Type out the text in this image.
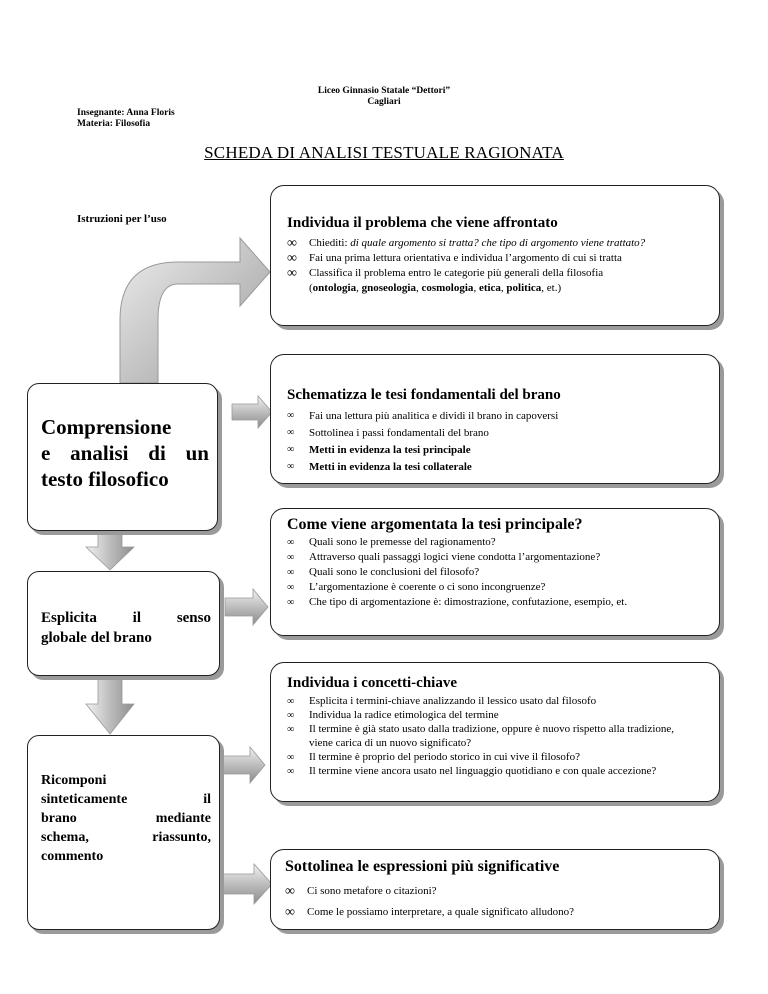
Liceo Ginnasio Statale “Dettori”
Cagliari
Insegnante: Anna Floris
Materia: Filosofia
SCHEDA DI ANALISI TESTUALE RAGIONATA
Istruzioni per l’uso
Comprensione
e analisi di un
testo filosofico
Esplicita il senso
globale del brano
Ricomponi
sinteticamente il
brano mediante
schema, riassunto,
commento
Individua il problema che viene affrontato
∞ Chiediti: di quale argomento si tratta? che tipo di argomento viene trattato?
∞ Fai una prima lettura orientativa e individua l’argomento di cui si tratta
∞ Classifica il problema entro le categorie più generali della filosofia
(ontologia, gnoseologia, cosmologia, etica, politica, et.)
Schematizza le tesi fondamentali del brano
∞ Fai una lettura più analitica e dividi il brano in capoversi
∞ Sottolinea i passi fondamentali del brano
∞ Metti in evidenza la tesi principale
∞ Metti in evidenza la tesi collaterale
Come viene argomentata la tesi principale?
∞ Quali sono le premesse del ragionamento?
∞ Attraverso quali passaggi logici viene condotta l’argomentazione?
∞ Quali sono le conclusioni del filosofo?
∞ L’argomentazione è coerente o ci sono incongruenze?
∞ Che tipo di argomentazione è: dimostrazione, confutazione, esempio, et.
Individua i concetti-chiave
∞ Esplicita i termini-chiave analizzando il lessico usato dal filosofo
∞ Individua la radice etimologica del termine
∞ Il termine è già stato usato dalla tradizione, oppure è nuovo rispetto alla tradizione, viene carica di un nuovo significato?
∞ Il termine è proprio del periodo storico in cui vive il filosofo?
∞ Il termine viene ancora usato nel linguaggio quotidiano e con quale accezione?
Sottolinea le espressioni più significative
∞ Ci sono metafore o citazioni?
∞ Come le possiamo interpretare, a quale significato alludono?
